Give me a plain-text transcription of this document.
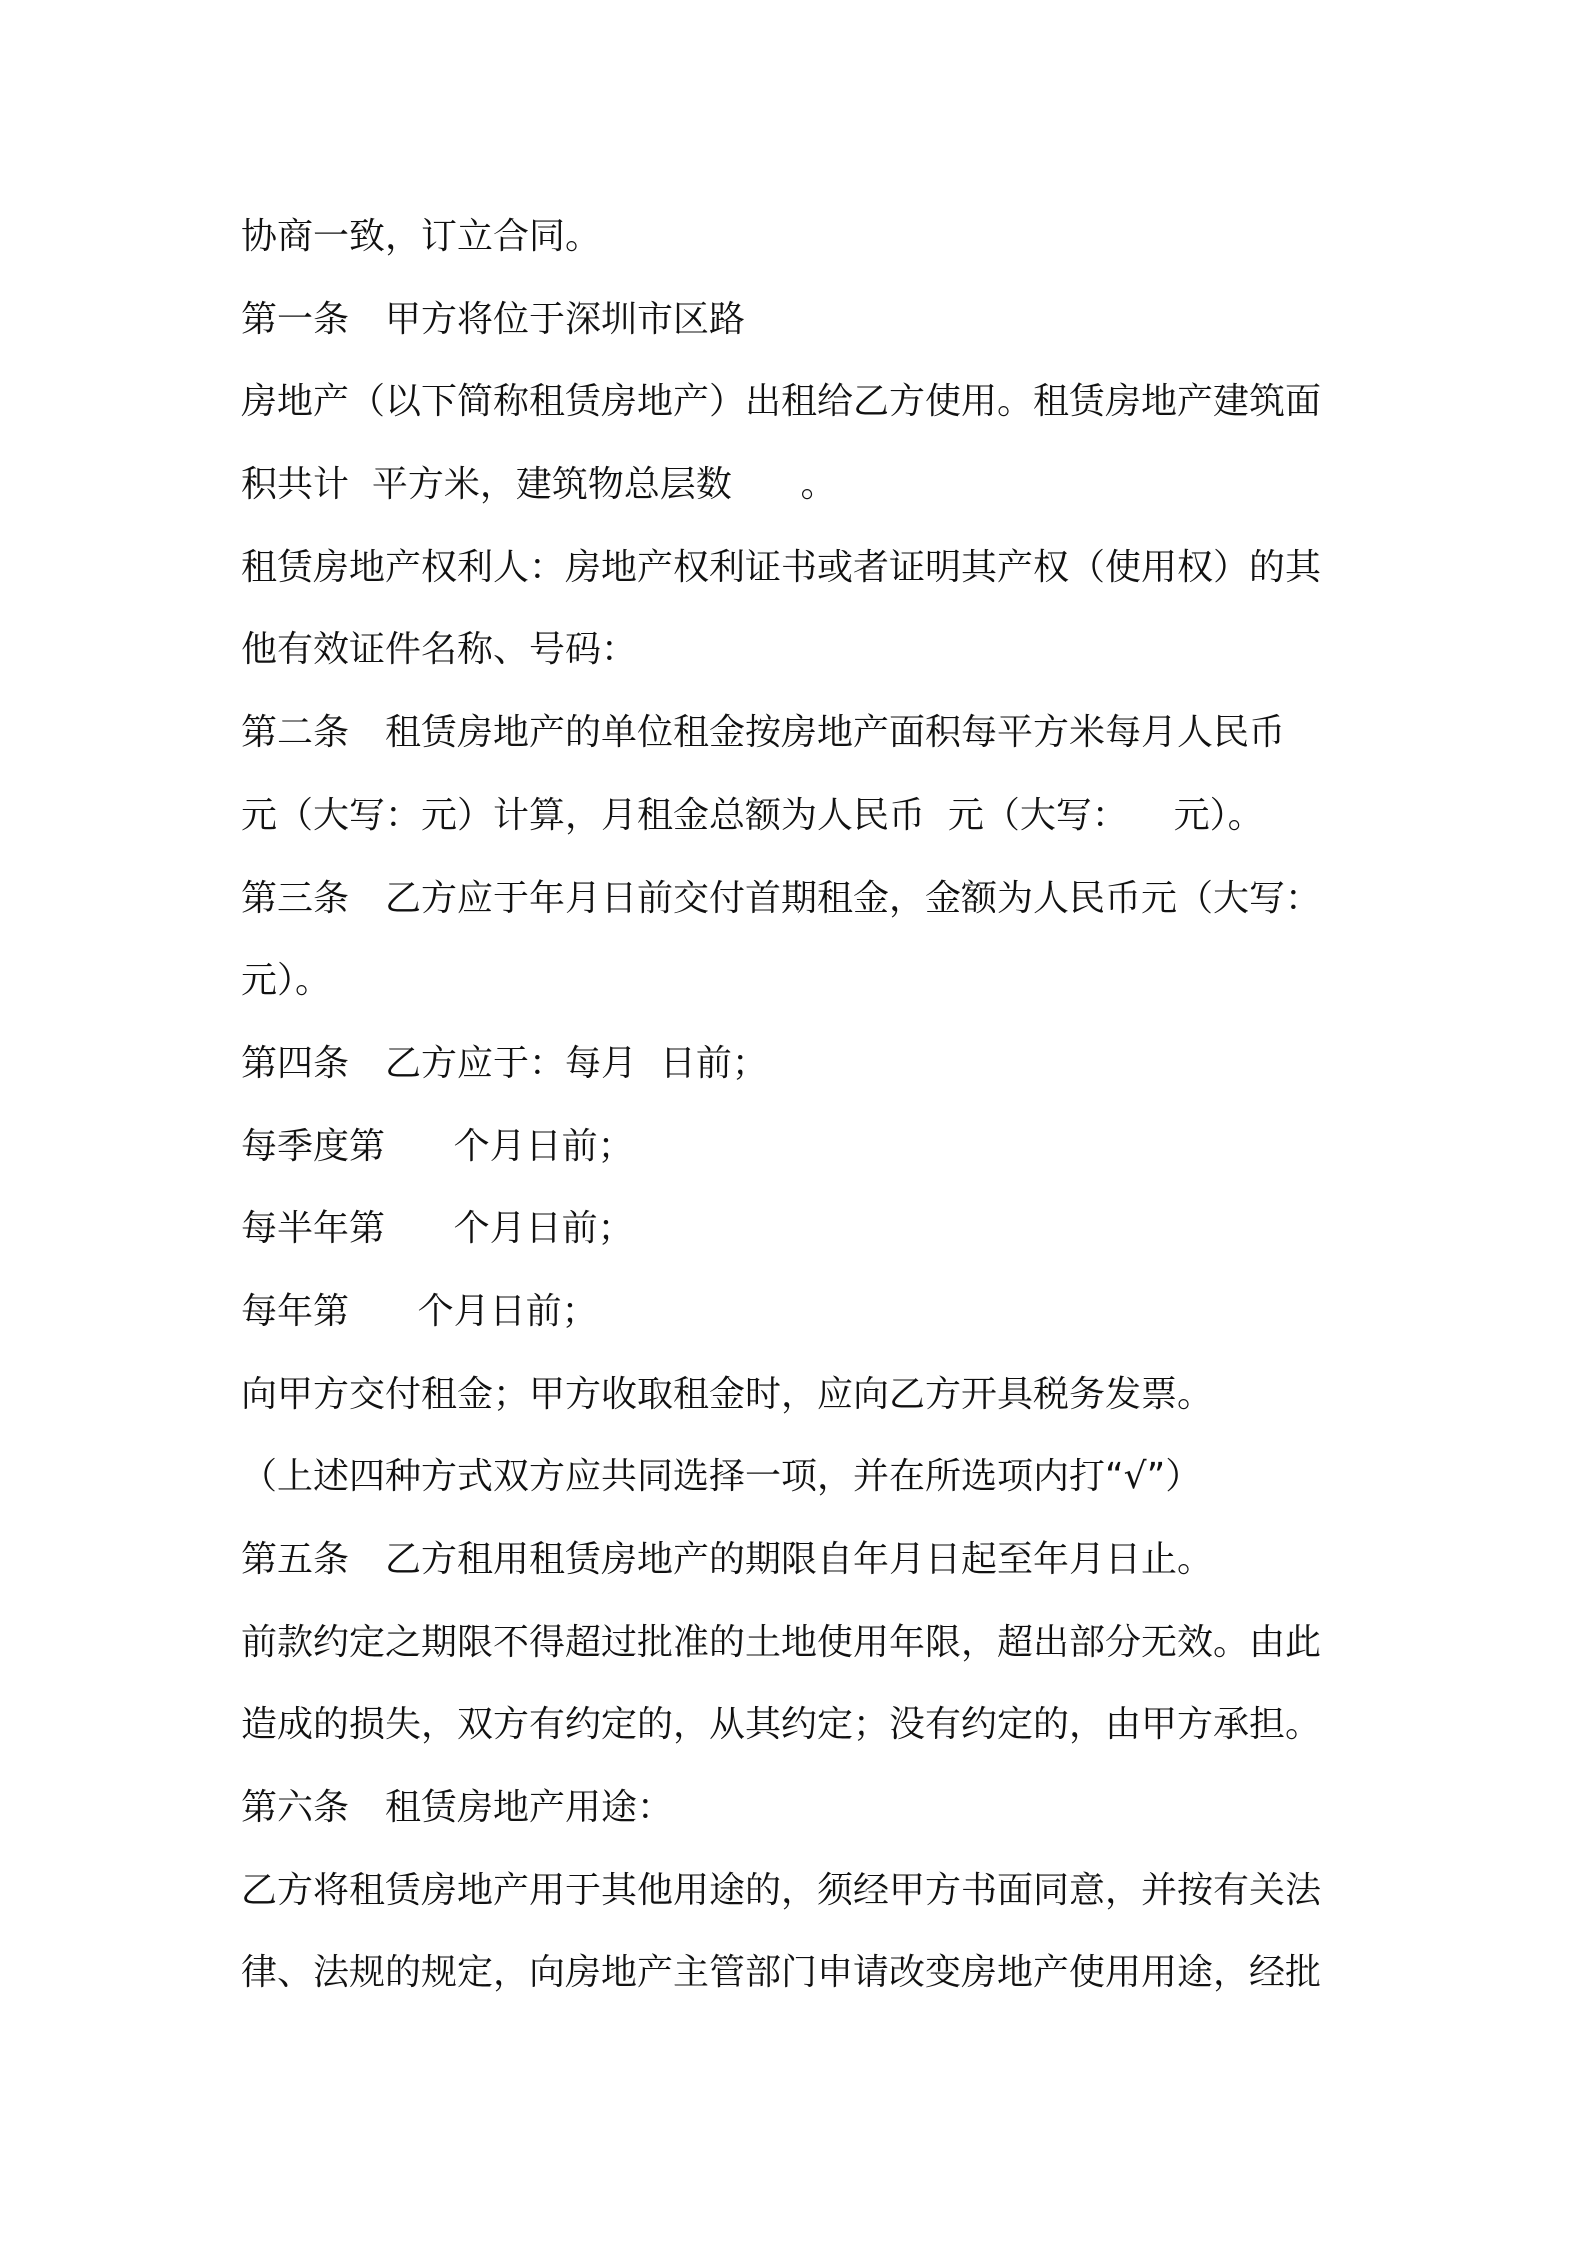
协商一致，订立合同。
第一条　甲方将位于深圳市区路
房地产（以下简称租赁房地产）出租给乙方使用。租赁房地产建筑面
积共计  平方米，建筑物总层数      。
租赁房地产权利人：房地产权利证书或者证明其产权（使用权）的其
他有效证件名称、号码：
第二条　租赁房地产的单位租金按房地产面积每平方米每月人民币
元（大写：元）计算，月租金总额为人民币  元（大写：    元）。
第三条　乙方应于年月日前交付首期租金，金额为人民币元（大写：
元）。
第四条　乙方应于：每月  日前；
每季度第      个月日前；
每半年第      个月日前；
每年第      个月日前；
向甲方交付租金；甲方收取租金时，应向乙方开具税务发票。
（上述四种方式双方应共同选择一项，并在所选项内打“√”）
第五条　乙方租用租赁房地产的期限自年月日起至年月日止。
前款约定之期限不得超过批准的土地使用年限，超出部分无效。由此
造成的损失，双方有约定的，从其约定；没有约定的，由甲方承担。
第六条　租赁房地产用途：
乙方将租赁房地产用于其他用途的，须经甲方书面同意，并按有关法
律、法规的规定，向房地产主管部门申请改变房地产使用用途，经批
